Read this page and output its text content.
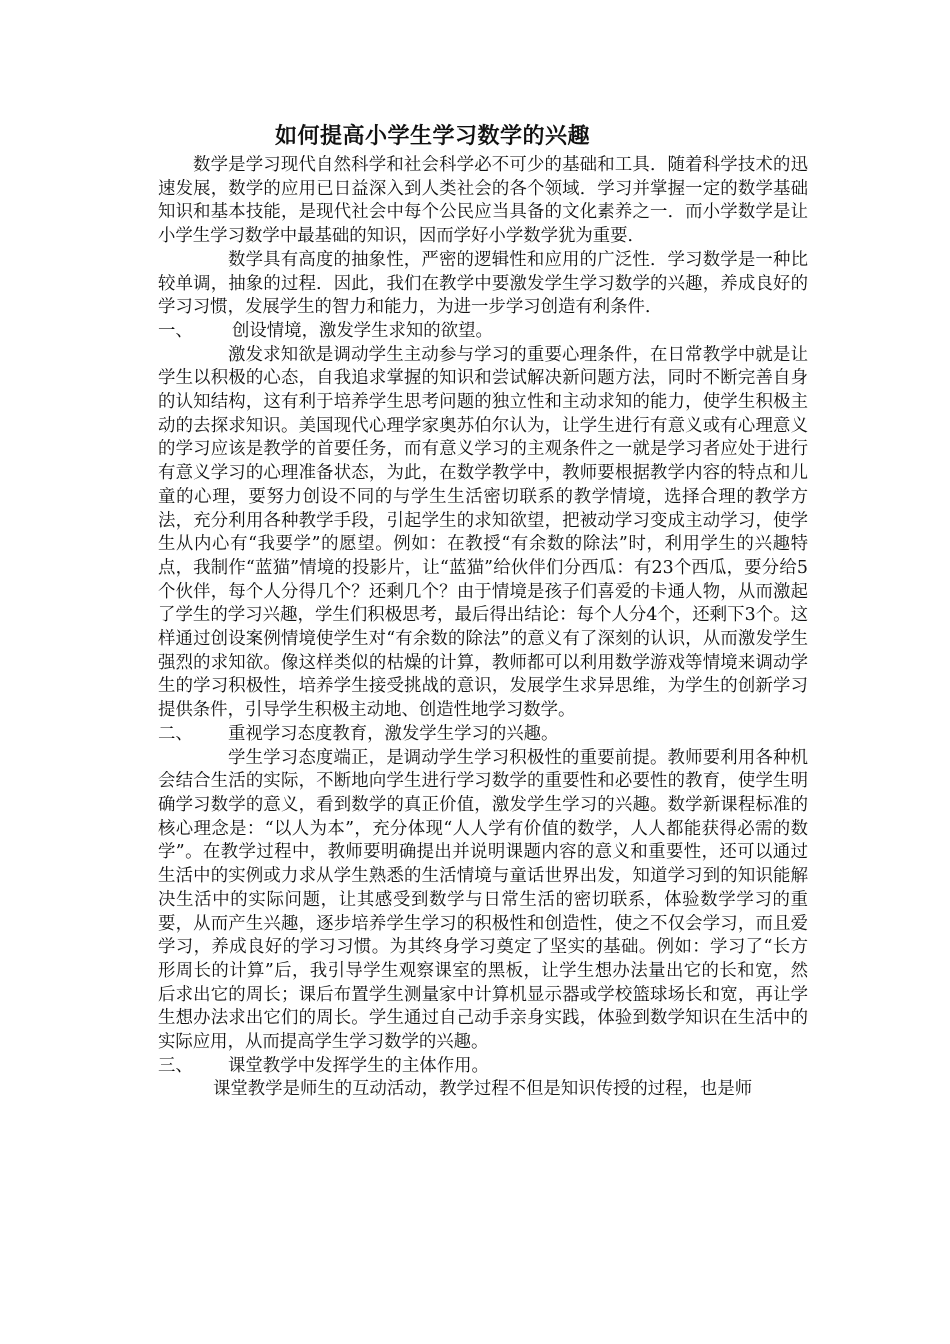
如何提高小学生学习数学的兴趣

数学是学习现代自然科学和社会科学必不可少的基础和工具．随着科学技术的迅速发展，数学的应用已日益深入到人类社会的各个领域．学习并掌握一定的数学基础知识和基本技能，是现代社会中每个公民应当具备的文化素养之一．而小学数学是让小学生学习数学中最基础的知识，因而学好小学数学犹为重要．

数学具有高度的抽象性，严密的逻辑性和应用的广泛性．学习数学是一种比较单调，抽象的过程．因此，我们在教学中要激发学生学习数学的兴趣，养成良好的学习习惯，发展学生的智力和能力，为进一步学习创造有利条件．

一、	创设情境，激发学生求知的欲望。

激发求知欲是调动学生主动参与学习的重要心理条件，在日常教学中就是让学生以积极的心态，自我追求掌握的知识和尝试解决新问题方法，同时不断完善自身的认知结构，这有利于培养学生思考问题的独立性和主动求知的能力，使学生积极主动的去探求知识。美国现代心理学家奥苏伯尔认为，让学生进行有意义或有心理意义的学习应该是教学的首要任务，而有意义学习的主观条件之一就是学习者应处于进行有意义学习的心理准备状态，为此，在数学教学中，教师要根据教学内容的特点和儿童的心理，要努力创设不同的与学生生活密切联系的教学情境，选择合理的教学方法，充分利用各种教学手段，引起学生的求知欲望，把被动学习变成主动学习，使学生从内心有“我要学”的愿望。例如：在教授“有余数的除法”时，利用学生的兴趣特点，我制作“蓝猫”情境的投影片，让“蓝猫”给伙伴们分西瓜：有23个西瓜，要分给5个伙伴，每个人分得几个？还剩几个？由于情境是孩子们喜爱的卡通人物，从而激起了学生的学习兴趣，学生们积极思考，最后得出结论：每个人分4个，还剩下3个。这样通过创设案例情境使学生对“有余数的除法”的意义有了深刻的认识，从而激发学生强烈的求知欲。像这样类似的枯燥的计算，教师都可以利用数学游戏等情境来调动学生的学习积极性，培养学生接受挑战的意识，发展学生求异思维，为学生的创新学习提供条件，引导学生积极主动地、创造性地学习数学。

二、	重视学习态度教育，激发学生学习的兴趣。

学生学习态度端正，是调动学生学习积极性的重要前提。教师要利用各种机会结合生活的实际，不断地向学生进行学习数学的重要性和必要性的教育，使学生明确学习数学的意义，看到数学的真正价值，激发学生学习的兴趣。数学新课程标准的核心理念是：“以人为本”，充分体现“人人学有价值的数学，人人都能获得必需的数学”。在教学过程中，教师要明确提出并说明课题内容的意义和重要性，还可以通过生活中的实例或力求从学生熟悉的生活情境与童话世界出发，知道学习到的知识能解决生活中的实际问题，让其感受到数学与日常生活的密切联系，体验数学学习的重要，从而产生兴趣，逐步培养学生学习的积极性和创造性，使之不仅会学习，而且爱学习，养成良好的学习习惯。为其终身学习奠定了坚实的基础。例如：学习了“长方形周长的计算”后，我引导学生观察课室的黑板，让学生想办法量出它的长和宽，然后求出它的周长；课后布置学生测量家中计算机显示器或学校篮球场长和宽，再让学生想办法求出它们的周长。学生通过自己动手亲身实践，体验到数学知识在生活中的实际应用，从而提高学生学习数学的兴趣。

三、	课堂教学中发挥学生的主体作用。

课堂教学是师生的互动活动，教学过程不但是知识传授的过程，也是师
